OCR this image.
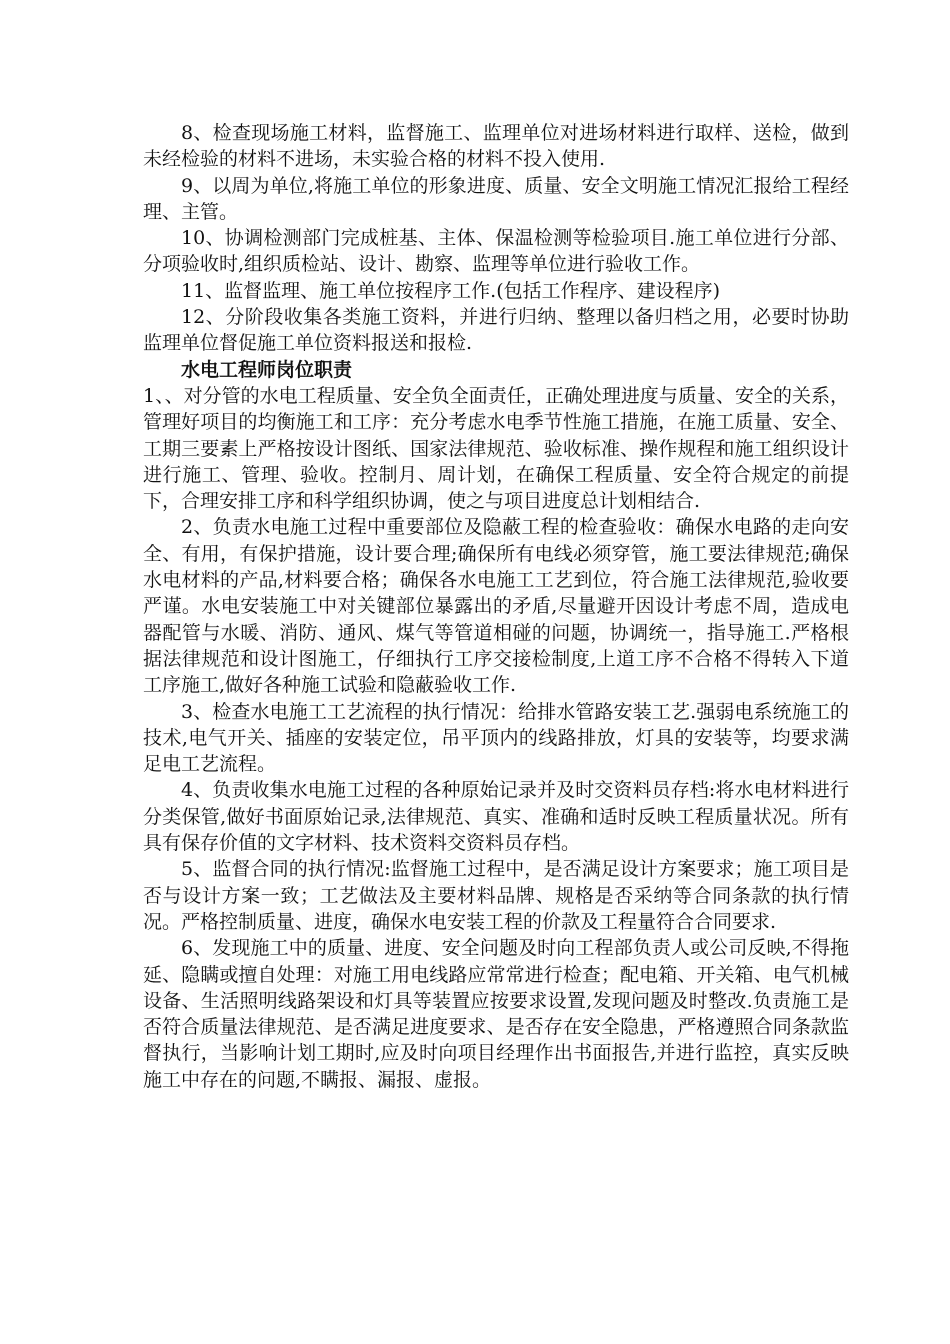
8、检查现场施工材料，监督施工、监理单位对进场材料进行取样、送检，做到未经检验的材料不进场，未实验合格的材料不投入使用.

9、以周为单位,将施工单位的形象进度、质量、安全文明施工情况汇报给工程经理、主管。

10、协调检测部门完成桩基、主体、保温检测等检验项目.施工单位进行分部、分项验收时,组织质检站、设计、勘察、监理等单位进行验收工作。

11、监督监理、施工单位按程序工作.(包括工作程序、建设程序)

12、分阶段收集各类施工资料，并进行归纳、整理以备归档之用，必要时协助监理单位督促施工单位资料报送和报检.

水电工程师岗位职责

1、、对分管的水电工程质量、安全负全面责任，正确处理进度与质量、安全的关系，管理好项目的均衡施工和工序：充分考虑水电季节性施工措施，在施工质量、安全、工期三要素上严格按设计图纸、国家法律规范、验收标准、操作规程和施工组织设计进行施工、管理、验收。控制月、周计划，在确保工程质量、安全符合规定的前提下，合理安排工序和科学组织协调，使之与项目进度总计划相结合.

2、负责水电施工过程中重要部位及隐蔽工程的检查验收：确保水电路的走向安全、有用，有保护措施，设计要合理;确保所有电线必须穿管，施工要法律规范;确保水电材料的产品,材料要合格；确保各水电施工工艺到位，符合施工法律规范,验收要严谨。水电安装施工中对关键部位暴露出的矛盾,尽量避开因设计考虑不周，造成电器配管与水暖、消防、通风、煤气等管道相碰的问题，协调统一，指导施工.严格根据法律规范和设计图施工，仔细执行工序交接检制度,上道工序不合格不得转入下道工序施工,做好各种施工试验和隐蔽验收工作.

3、检查水电施工工艺流程的执行情况：给排水管路安装工艺.强弱电系统施工的技术,电气开关、插座的安装定位，吊平顶内的线路排放，灯具的安装等，均要求满足电工艺流程。

4、负责收集水电施工过程的各种原始记录并及时交资料员存档:将水电材料进行分类保管,做好书面原始记录,法律规范、真实、准确和适时反映工程质量状况。所有具有保存价值的文字材料、技术资料交资料员存档。

5、监督合同的执行情况:监督施工过程中，是否满足设计方案要求；施工项目是否与设计方案一致；工艺做法及主要材料品牌、规格是否采纳等合同条款的执行情况。严格控制质量、进度，确保水电安装工程的价款及工程量符合合同要求.

6、发现施工中的质量、进度、安全问题及时向工程部负责人或公司反映,不得拖延、隐瞒或擅自处理：对施工用电线路应常常进行检查；配电箱、开关箱、电气机械设备、生活照明线路架设和灯具等装置应按要求设置,发现问题及时整改.负责施工是否符合质量法律规范、是否满足进度要求、是否存在安全隐患，严格遵照合同条款监督执行，当影响计划工期时,应及时向项目经理作出书面报告,并进行监控，真实反映施工中存在的问题,不瞒报、漏报、虚报。
